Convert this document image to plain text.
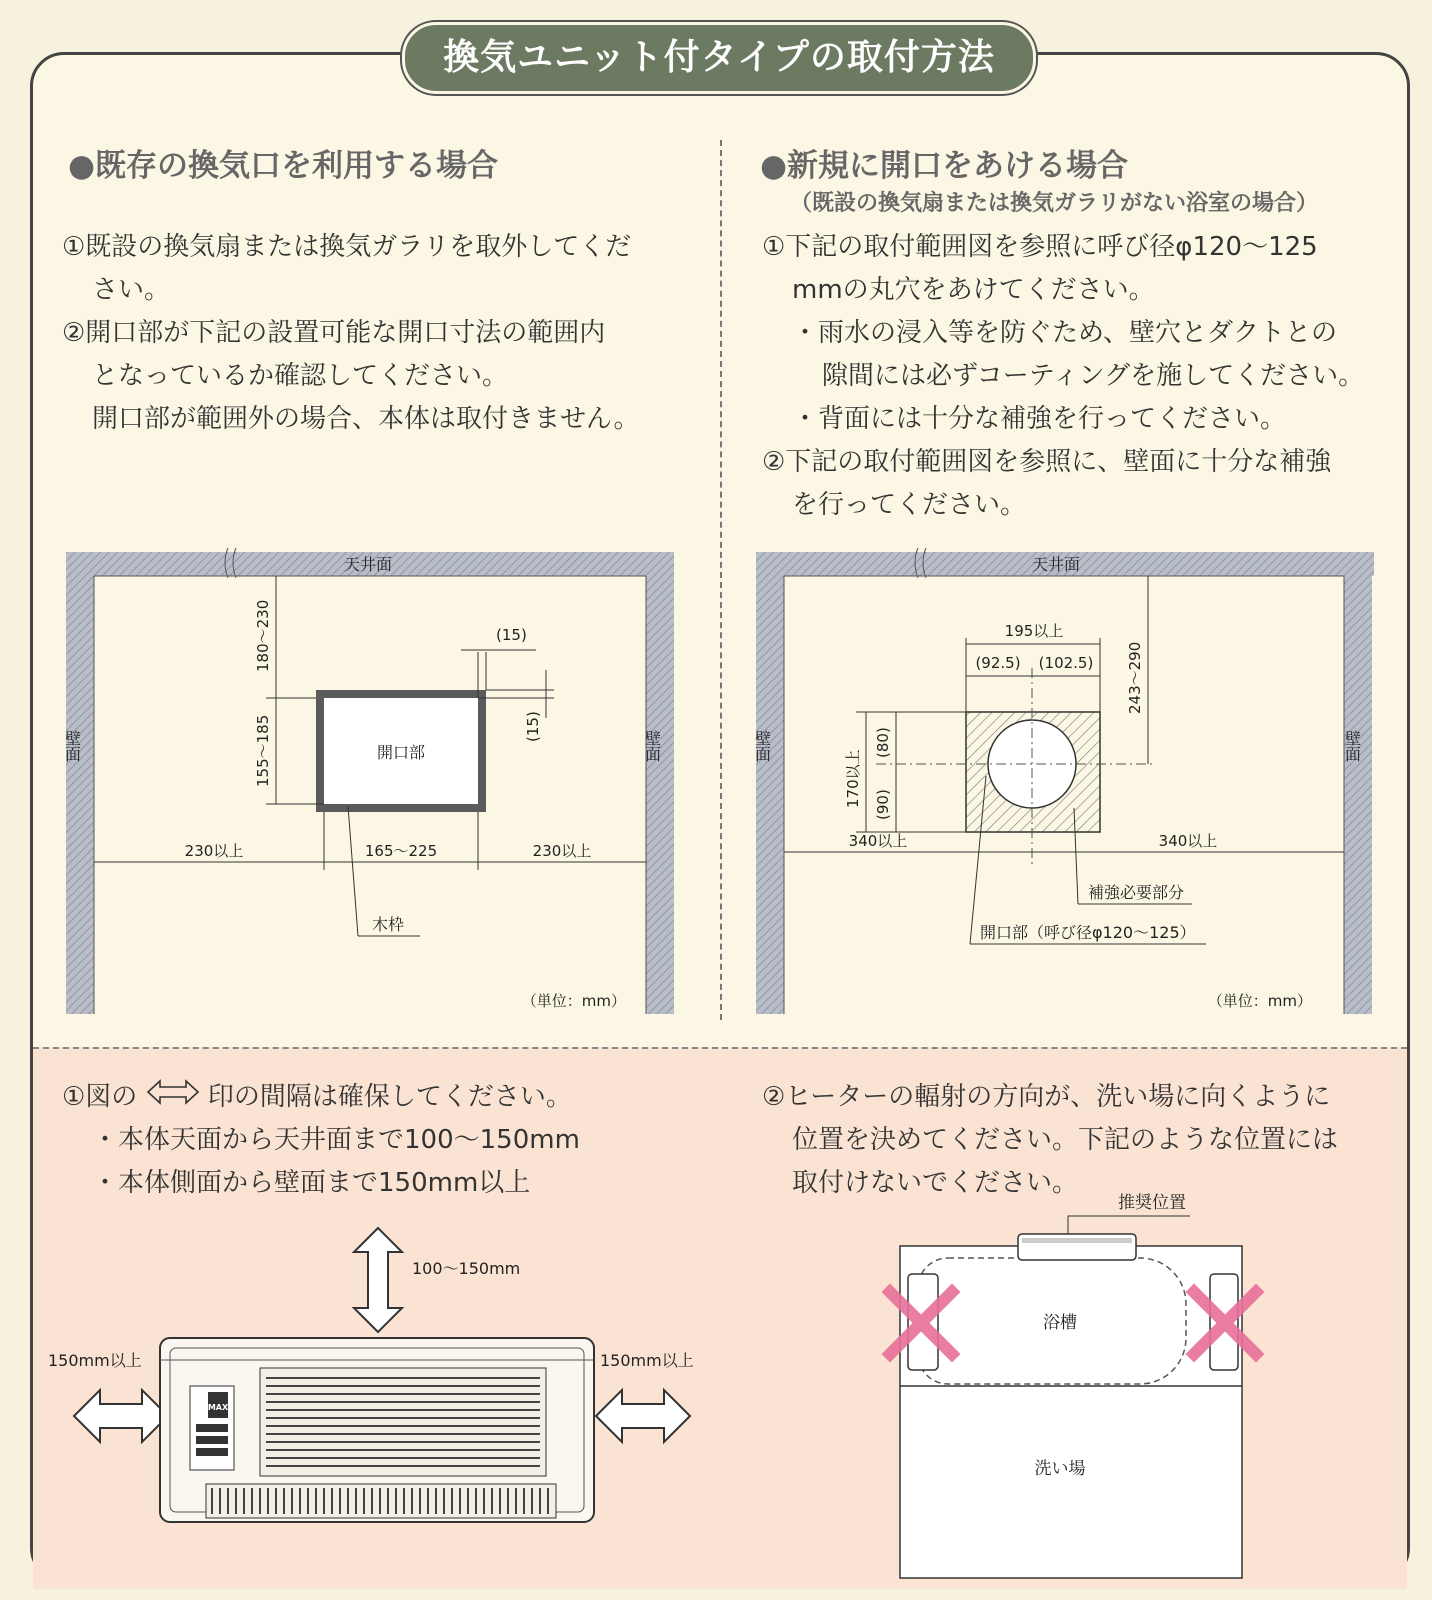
換気ユニット付タイプの取付方法
●既存の換気口を利用する場合

①既設の換気扇または換気ガラリを取外してくだ

さい。

②開口部が下記の設置可能な開口寸法の範囲内

となっているか確認してください。

開口部が範囲外の場合、本体は取付きません。

●新規に開口をあける場合
（既設の換気扇または換気ガラリがない浴室の場合）

①下記の取付範囲図を参照に呼び径φ120〜125

mmの丸穴をあけてください。

・雨水の浸入等を防ぐため、壁穴とダクトとの

隙間には必ずコーティングを施してください。

・背面には十分な補強を行ってください。

②下記の取付範囲図を参照に、壁面に十分な補強

を行ってください。

天井面
壁面	壁面
開口部
180〜230
155〜185
(15)
(15)
230以上	165〜225	230以上
木枠
（単位：mm）
天井面
壁面	壁面
195以上
(92.5) (102.5) 243〜290
170以上
(80)
(90)
340以上	340以上
補強必要部分
開口部（呼び径φ120〜125）
（単位：mm）

①図の	印の間隔は確保してください。

・本体天面から天井面まで100〜150mm

・本体側面から壁面まで150mm以上

100〜150mm
150mm以上	150mm以上
MAX

②ヒーターの輻射の方向が、洗い場に向くように

位置を決めてください。下記のような位置には

取付けないでください。

推奨位置
浴槽
洗い場
